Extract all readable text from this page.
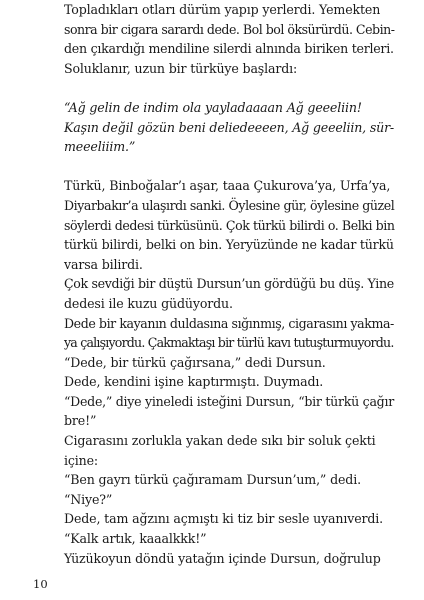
Topladıkları otları dürüm yapıp yerlerdi. Yemekten
sonra bir cigara sarardı dede. Bol bol öksürürdü. Cebin-
den çıkardığı mendiline silerdi alnında biriken terleri.
Soluklanır, uzun bir türküye başlardı:
“Ağ gelin de indim ola yayladaaaan Ağ geeeliin!
Kaşın değil gözün beni deliedeeeen, Ağ geeeliin, sür-
meeeliiim.”
Türkü, Binboğalar’ı aşar, taaa Çukurova’ya, Urfa’ya,
Diyarbakır’a ulaşırdı sanki. Öylesine gür, öylesine güzel
söylerdi dedesi türküsünü. Çok türkü bilirdi o. Belki bin
türkü bilirdi, belki on bin. Yeryüzünde ne kadar türkü
varsa bilirdi.
Çok sevdiği bir düştü Dursun’un gördüğü bu düş. Yine
dedesi ile kuzu güdüyordu.
Dede bir kayanın duldasına sığınmış, cigarasını yakma-
ya çalışıyordu. Çakmaktaşı bir türlü kavı tutuşturmuyordu.
“Dede, bir türkü çağırsana,” dedi Dursun.
Dede, kendini işine kaptırmıştı. Duymadı.
“Dede,” diye yineledi isteğini Dursun, “bir türkü çağır
bre!”
Cigarasını zorlukla yakan dede sıkı bir soluk çekti
içine:
“Ben gayrı türkü çağıramam Dursun’um,” dedi.
“Niye?”
Dede, tam ağzını açmıştı ki tiz bir sesle uyanıverdi.
“Kalk artık, kaaalkkk!”
Yüzükoyun döndü yatağın içinde Dursun, doğrulup
10
